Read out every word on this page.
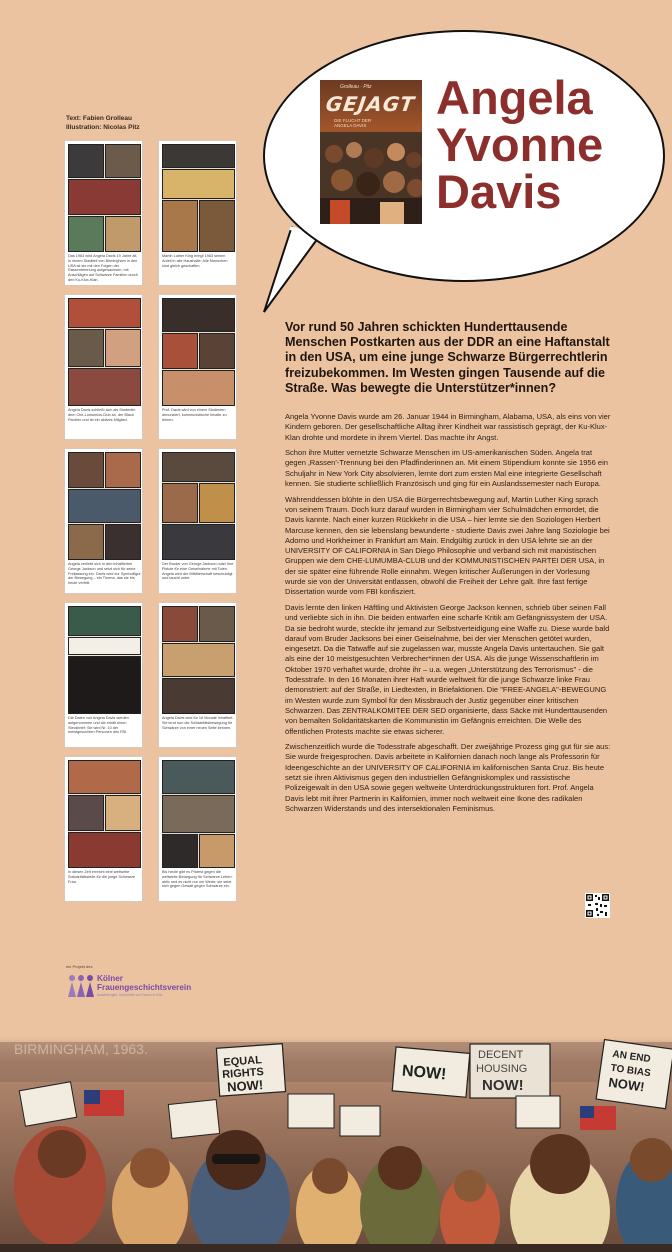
Text: Fabien Grolleau
Illustration: Nicolas Pitz
Grolleau · Pitz
GEJAGT
DIE FLUCHT DER
ANGELA DAVIS
Angela
Yvonne
Davis
Das 1963 wird Angela Davis 19 Jahre alt. In einem Stadtteil von Birmingham in den USA ist sie mit den Folgen der Rassentrennung aufgewachsen, mit Anschlägen auf Schwarze Familien durch den Ku-Klux-Klan.
Martin Luther King bringt 1963 seinen Anteil in alle Haushalte: Alle Menschen sind gleich geschaffen.
Angela Davis schließt sich als Studentin dem Che-Lumumba-Club an, der Black Panther und ist ein aktives Mitglied.
Prof. Davis wird von einem Studenten denunziert, kommunistische Inhalte zu lehren.
Angela verliebt sich in den inhaftierten George Jackson und setzt sich für seine Freilassung ein. Davis wird zur Symbolfigur der Bewegung – ein Thema, das sie bis heute vertritt.
Der Bruder von George Jackson nutzt Ihre Pistole für eine Geiselnahme mit Toten. Angela wird der Mittäterschaft beschuldigt und taucht unter.
Die Daten von Angela Davis werden aufgenommen und sie erhält einen Steckbrief: Sie wird Nr. 10 der meistgesuchten Personen des FBI.
Angela Davis wird für 16 Monate inhaftiert. Sie lernt nun die Solidaritätsbewegung für Schwarze von einer neuen Seite kennen.
In diesen Zeit erreicht eine weltweite Solidaritätswelle für die junge Schwarze Frau.
Bis heute gibt es Protest gegen die weltweite Bewegung für Schwarze Leben: aktiv und es nicht nur um Werte; sie setzt sich gegen Gewalt gegen Schwarze ein.
Vor rund 50 Jahren schickten Hunderttausende Menschen Postkarten aus der DDR an eine Haftanstalt in den USA, um eine junge Schwarze Bürgerrechtlerin freizubekommen. Im Westen gingen Tausende auf die Straße. Was bewegte die Unterstützer*innen?

Angela Yvonne Davis wurde am 26. Januar 1944 in Birmingham, Alabama, USA, als eins von vier Kindern geboren. Der gesellschaftliche Alltag ihrer Kindheit war rassistisch geprägt, der Ku-Klux-Klan drohte und mordete in ihrem Viertel. Das machte ihr Angst.

Schon ihre Mutter vernetzte Schwarze Menschen im US-amerikanischen Süden. Angela trat gegen ‚Rassen'-Trennung bei den Pfadfinderinnen an. Mit einem Stipendium konnte sie 1956 ein Schuljahr in New York City absolvieren, lernte dort zum ersten Mal eine integrierte Gesellschaft kennen. Sie studierte schließlich Französisch und ging für ein Auslandssemester nach Europa.

Währenddessen blühte in den USA die Bürgerrechtsbewegung auf, Martin Luther King sprach von seinem Traum. Doch kurz darauf wurden in Birmingham vier Schulmädchen ermordet, die Davis kannte. Nach einer kurzen Rückkehr in die USA – hier lernte sie den Soziologen Herbert Marcuse kennen, den sie lebenslang bewunderte - studierte Davis zwei Jahre lang Soziologie bei Adorno und Horkheimer in Frankfurt am Main. Endgültig zurück in den USA lehrte sie an der UNIVERSITY OF CALIFORNIA in San Diego Philosophie und verband sich mit marxistischen Gruppen wie dem CHE-LUMUMBA-CLUB und der KOMMUNISTISCHEN PARTEI DER USA, in der sie später eine führende Rolle einnahm. Wegen kritischer Äußerungen in der Vorlesung wurde sie von der Universität entlassen, obwohl die Freiheit der Lehre galt. Ihre fast fertige Dissertation wurde vom FBI konfisziert.

Davis lernte den linken Häftling und Aktivisten George Jackson kennen, schrieb über seinen Fall und verliebte sich in ihn. Die beiden entwarfen eine scharfe Kritik am Gefängnissystem der USA. Da sie bedroht wurde, steckte ihr jemand zur Selbstverteidigung eine Waffe zu. Diese wurde bald darauf vom Bruder Jacksons bei einer Geiselnahme, bei der vier Menschen getötet wurden, eingesetzt. Da die Tatwaffe auf sie zugelassen war, musste Angela Davis untertauchen. Sie galt als eine der 10 meistgesuchten Verbrecher*innen der USA. Als die junge Wissenschaftlerin im Oktober 1970 verhaftet wurde, drohte ihr – u.a. wegen „Unterstützung des Terrorismus" - die Todesstrafe. In den 16 Monaten ihrer Haft wurde weltweit für die junge Schwarze linke Frau demonstriert: auf der Straße, in Liedtexten, in Briefaktionen. Die "FREE-ANGELA"-BEWEGUNG im Westen wurde zum Symbol für den Missbrauch der Justiz gegenüber einer kritischen Schwarzen. Das ZENTRALKOMITEE DER SED organisierte, dass Säcke mit Hunderttausenden von bemalten Solidaritätskarten die Kommunistin im Gefängnis erreichten. Die Welle des öffentlichen Protests machte sie etwas sicherer.

Zwischenzeitlich wurde die Todesstrafe abgeschafft. Der zweijährige Prozess ging gut für sie aus: Sie wurde freigesprochen. Davis arbeitete in Kalifornien danach noch lange als Professorin für Ideengeschichte an der UNIVERSITY OF CALIFORNIA im kalifornischen Santa Cruz. Bis heute setzt sie ihren Aktivismus gegen den industriellen Gefängniskomplex und rassistische Polizeigewalt in den USA sowie gegen weltweite Unterdrückungsstrukturen fort. Prof. Angela Davis lebt mit ihrer Partnerin in Kalifornien, immer noch weltweit eine Ikone des radikalen Schwarzen Widerstands und des intersektionalen Feminismus.

ein Projekt des
Kölner
Frauengeschichtsverein
Ausstellungen, Geschichte von Frauen in Köln
BIRMINGHAM, 1963.
EQUAL
RIGHTS
NOW!
NOW!
DECENT
HOUSING
NOW!
AN END
TO BIAS
NOW!
